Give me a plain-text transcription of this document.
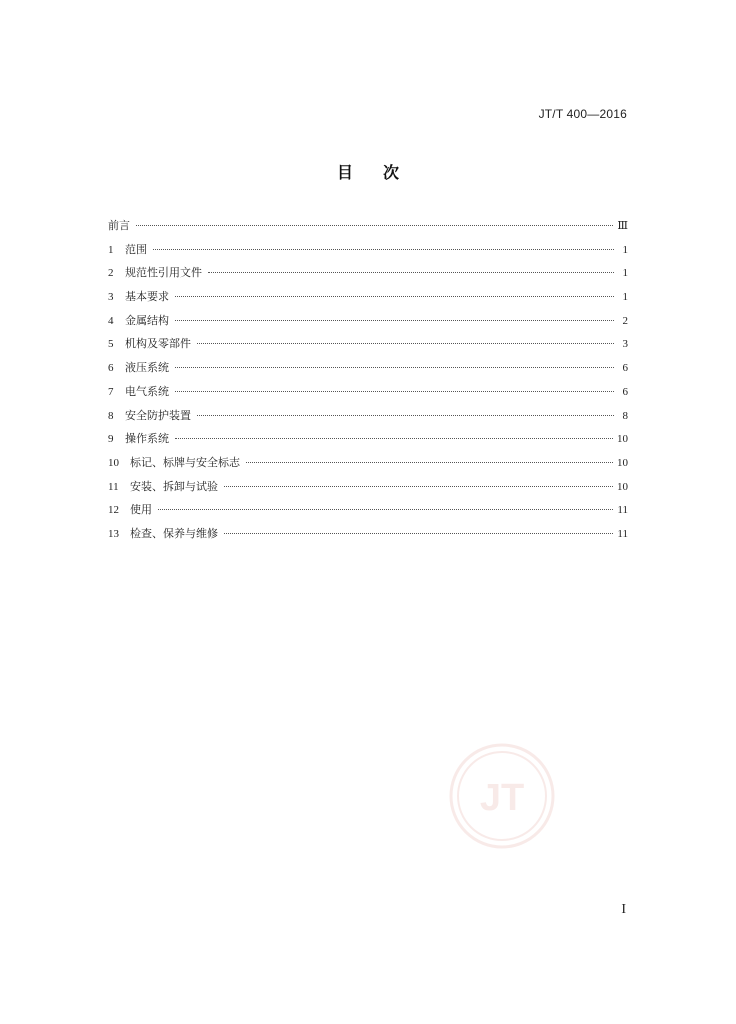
JT/T 400—2016
目 次
前言	Ⅲ
1	范围	1
2	规范性引用文件	1
3	基本要求	1
4	金属结构	2
5	机构及零部件	3
6	液压系统	6
7	电气系统	6
8	安全防护装置	8
9	操作系统	10
10	标记、标牌与安全标志	10
11	安装、拆卸与试验	10
12	使用	11
13	检查、保养与维修	11
JT
I
